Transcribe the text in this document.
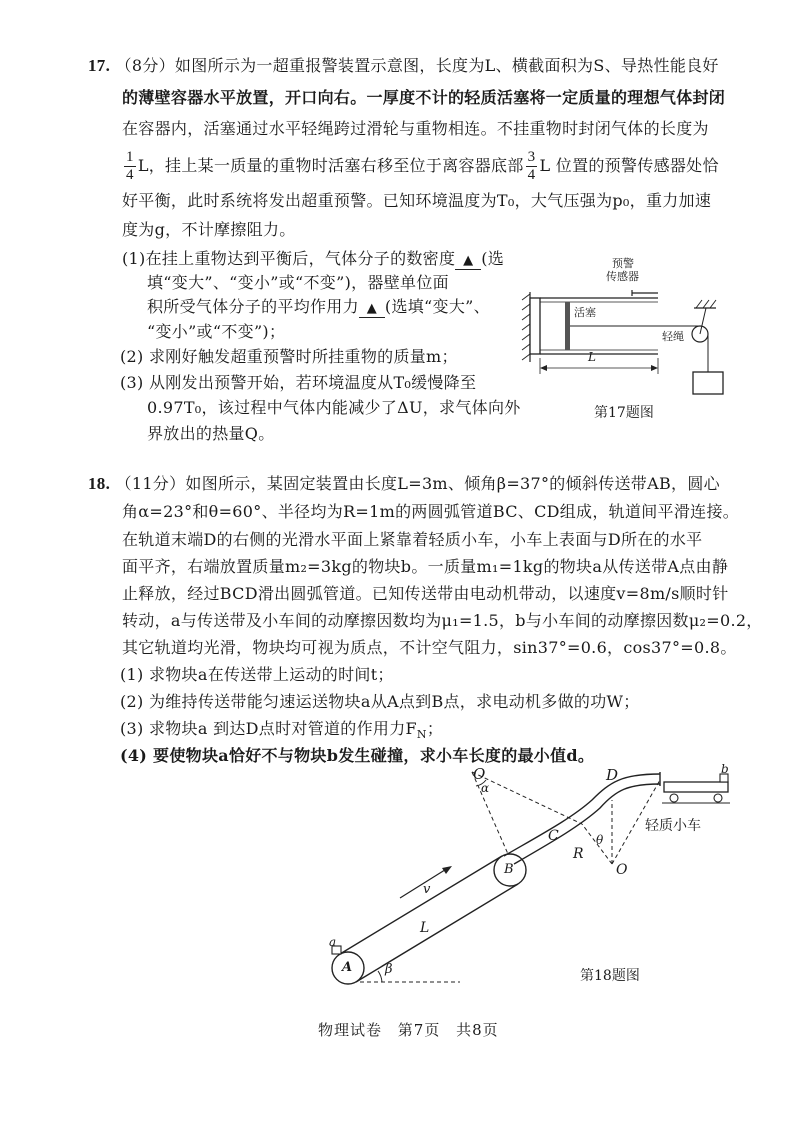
17. （8分）如图所示为一超重报警装置示意图，长度为L、横截面积为S、导热性能良好
的薄壁容器水平放置，开口向右。一厚度不计的轻质活塞将一定质量的理想气体封闭
在容器内，活塞通过水平轻绳跨过滑轮与重物相连。不挂重物时封闭气体的长度为
$\frac{1}{4}$ L，挂上某一质量的重物时活塞右移至位于离容器底部 $\frac{3}{4}$ L 位置的预警传感器处恰
好平衡，此时系统将发出超重预警。已知环境温度为T₀，大气压强为p₀，重力加速
度为g，不计摩擦阻力。
(1)在挂上重物达到平衡后，气体分子的数密度 ▲ (选
填“变大”、“变小”或“不变”)，器壁单位面
积所受气体分子的平均作用力 ▲ (选填“变大”、
“变小”或“不变”)；
(2) 求刚好触发超重预警时所挂重物的质量m；
(3) 从刚发出预警开始，若环境温度从T₀缓慢降至
0.97T₀，该过程中气体内能减少了ΔU，求气体向外
界放出的热量Q。
预警
传感器
活塞
轻绳
L
第17题图
18. （11分）如图所示，某固定装置由长度L=3m、倾角β=37°的倾斜传送带AB，圆心
角α=23°和θ=60°、半径均为R=1m的两圆弧管道BC、CD组成，轨道间平滑连接。
在轨道末端D的右侧的光滑水平面上紧靠着轻质小车，小车上表面与D所在的水平
面平齐，右端放置质量m₂=3kg的物块b。一质量m₁=1kg的物块a从传送带A点由静
止释放，经过BCD滑出圆弧管道。已知传送带由电动机带动，以速度v=8m/s顺时针
转动，a与传送带及小车间的动摩擦因数均为μ₁=1.5，b与小车间的动摩擦因数μ₂=0.2，
其它轨道均光滑，物块均可视为质点，不计空气阻力，sin37°=0.6，cos37°=0.8。
(1) 求物块a在传送带上运动的时间t；
(2) 为维持传送带能匀速运送物块a从A点到B点，求电动机多做的功W；
(3) 求物块a 到达D点时对管道的作用力$F_N$；
(4) 要使物块a恰好不与物块b发生碰撞，求小车长度的最小值d。
O
α
D	b
轻质小车
C
R
θ
O
B
v
L
a
A	β	第18题图
物理试卷 第7页 共8页
